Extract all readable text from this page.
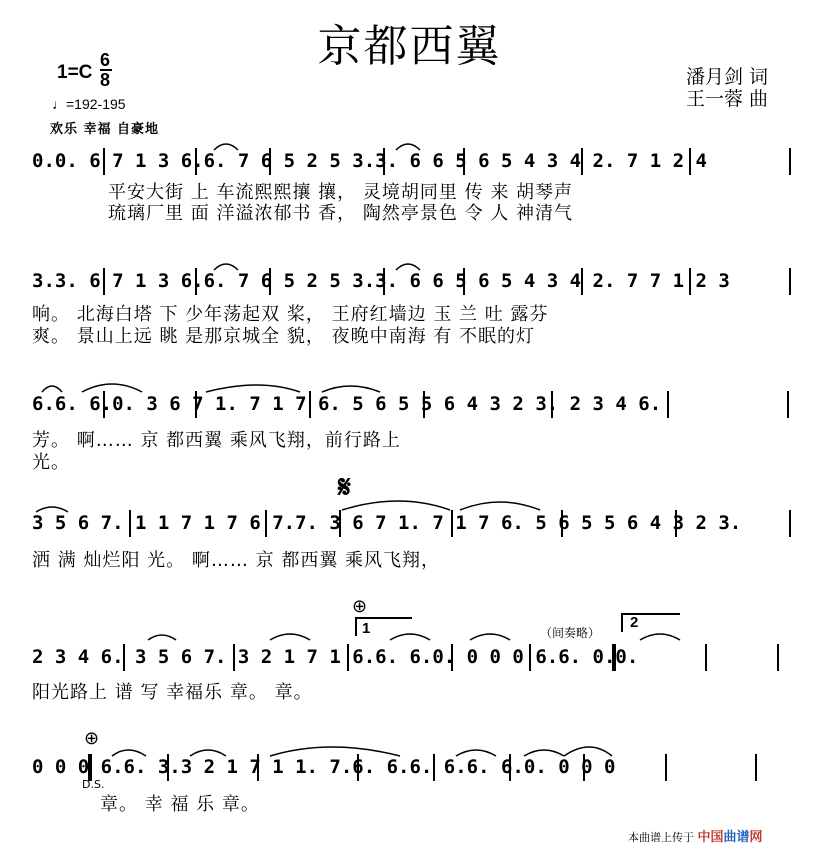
京都西翼
潘月剑 词
王一蓉 曲
1=C
6
8
♩=192-195
欢乐 幸福 自豪地
0.0. 6 7 1 3 6.6. 7 6 5 2 5 3.3. 6 6 5 6 5 4 3 4 2. 7 1 2 4
平安大街 上 车流熙熙攘 攘， 灵境胡同里 传 来 胡琴声
琉璃厂里 面 洋溢浓郁书 香， 陶然亭景色 令 人 神清气
3.3. 6 7 1 3 6.6. 7 6 5 2 5 3.3. 6 6 5 6 5 4 3 4 2. 7 7 1 2 3
响。 北海白塔 下 少年荡起双 桨， 王府红墙边 玉 兰 吐 露芬
爽。 景山上远 眺 是那京城全 貌， 夜晚中南海 有 不眠的灯
6.6. 6.0. 3 6 7 1. 7 1 7 6. 5 6 5 5 6 4 3 2 3. 2 3 4 6.
芳。 啊…… 京 都西翼 乘风飞翔，前行路上
光。
𝄋
3 5 6 7. 1 1 7 1 7 6 7.7. 3 6 7 1. 7 1 7 6. 5 6 5 5 6 4 3 2 3.
洒 满 灿烂阳 光。 啊…… 京 都西翼 乘风飞翔，
⊕
（间奏略）
1	2
2 3 4 6. 3 5 6 7. 3 2 1 7 1 6.6. 6.0. 0 0 0 6.6. 0.0.
阳光路上 谱 写 幸福乐 章。 章。
⊕
D.S.
0 0 0 6.6. 3.3 2 1 7 1 1. 7.6. 6.6. 6.6. 6.0. 0 0 0
章。 幸 福 乐 章。
本曲谱上传于 中国曲谱网
